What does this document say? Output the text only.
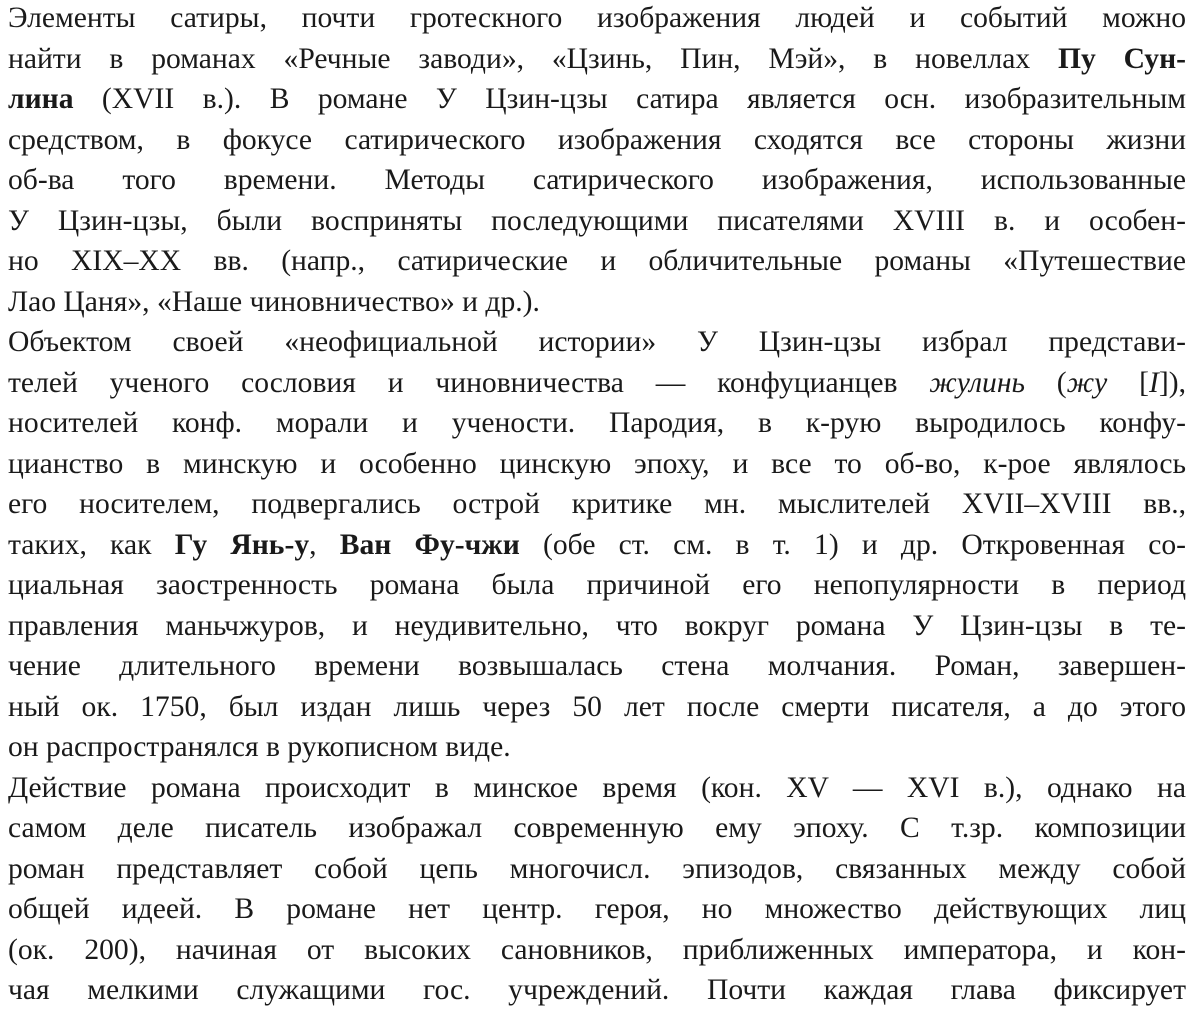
Элементы сатиры, почти гротескного изображения людей и событий можно
найти в романах «Речные заводи», «Цзинь, Пин, Мэй», в новеллах Пу Сун-
лина (XVII в.). В романе У Цзин-цзы сатира является осн. изобразительным
средством, в фокусе сатирического изображения сходятся все стороны жизни
об-ва того времени. Методы сатирического изображения, использованные
У Цзин-цзы, были восприняты последующими писателями XVIII в. и особен-
но XIX–XX вв. (напр., сатирические и обличительные романы «Путешествие
Лао Цаня», «Наше чиновничество» и др.).
Объектом своей «неофициальной истории» У Цзин-цзы избрал представи-
телей ученого сословия и чиновничества — конфуцианцев жулинь (жу [I]),
носителей конф. морали и учености. Пародия, в к-рую выродилось конфу-
цианство в минскую и особенно цинскую эпоху, и все то об-во, к-рое являлось
его носителем, подвергались острой критике мн. мыслителей XVII–XVIII вв.,
таких, как Гу Янь-у, Ван Фу-чжи (обе ст. см. в т. 1) и др. Откровенная со-
циальная заостренность романа была причиной его непопулярности в период
правления маньчжуров, и неудивительно, что вокруг романа У Цзин-цзы в те-
чение длительного времени возвышалась стена молчания. Роман, завершен-
ный ок. 1750, был издан лишь через 50 лет после смерти писателя, а до этого
он распространялся в рукописном виде.
Действие романа происходит в минское время (кон. XV — XVI в.), однако на
самом деле писатель изображал современную ему эпоху. С т.зр. композиции
роман представляет собой цепь многочисл. эпизодов, связанных между собой
общей идеей. В романе нет центр. героя, но множество действующих лиц
(ок. 200), начиная от высоких сановников, приближенных императора, и кон-
чая мелкими служащими гос. учреждений. Почти каждая глава фиксирует
